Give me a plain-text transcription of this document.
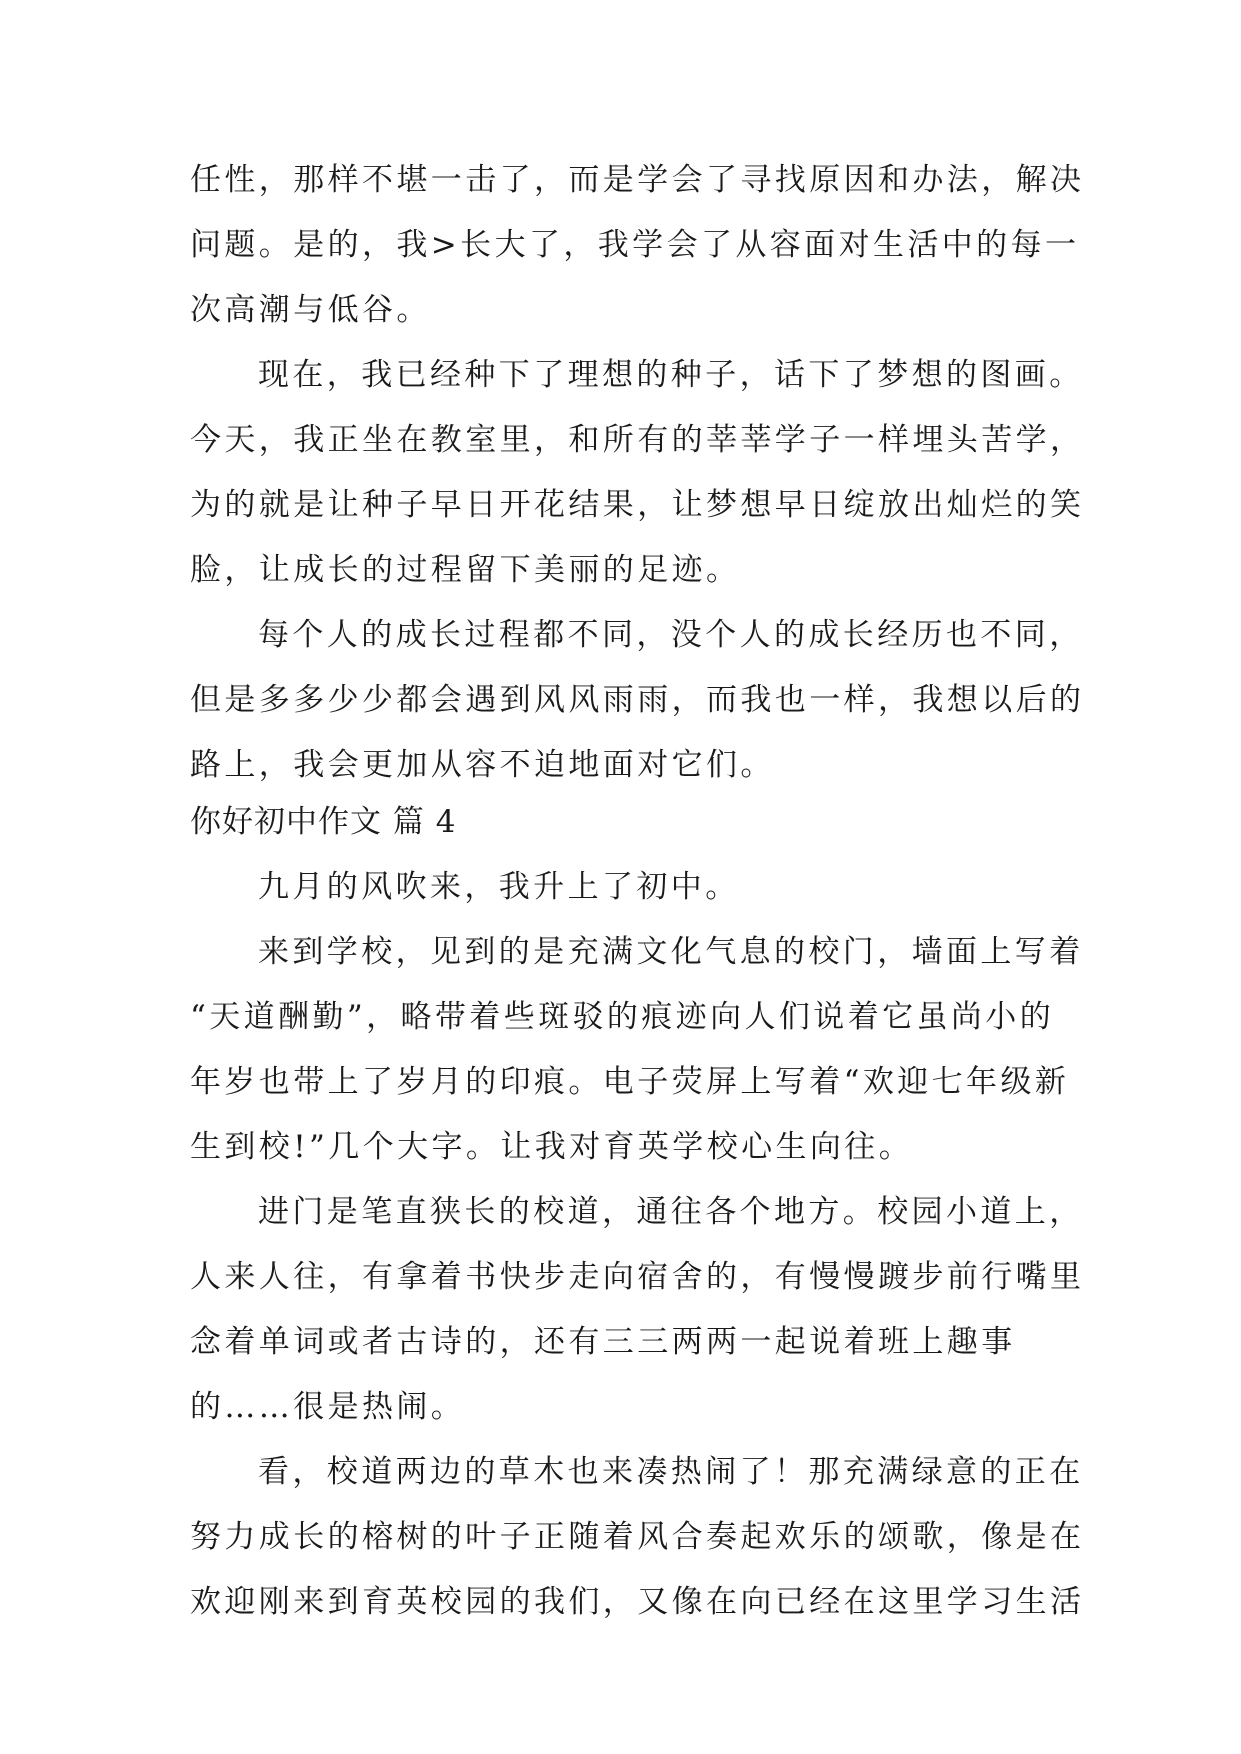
任性，那样不堪一击了，而是学会了寻找原因和办法，解决
问题。是的，我>长大了，我学会了从容面对生活中的每一
次高潮与低谷。
现在，我已经种下了理想的种子，话下了梦想的图画。
今天，我正坐在教室里，和所有的莘莘学子一样埋头苦学，
为的就是让种子早日开花结果，让梦想早日绽放出灿烂的笑
脸，让成长的过程留下美丽的足迹。
每个人的成长过程都不同，没个人的成长经历也不同，
但是多多少少都会遇到风风雨雨，而我也一样，我想以后的
路上，我会更加从容不迫地面对它们。
你好初中作文 篇 4
九月的风吹来，我升上了初中。
来到学校，见到的是充满文化气息的校门，墙面上写着
“天道酬勤”，略带着些斑驳的痕迹向人们说着它虽尚小的
年岁也带上了岁月的印痕。电子荧屏上写着“欢迎七年级新
生到校!”几个大字。让我对育英学校心生向往。
进门是笔直狭长的校道，通往各个地方。校园小道上，
人来人往，有拿着书快步走向宿舍的，有慢慢踱步前行嘴里
念着单词或者古诗的，还有三三两两一起说着班上趣事
的……很是热闹。
看，校道两边的草木也来凑热闹了！那充满绿意的正在
努力成长的榕树的叶子正随着风合奏起欢乐的颂歌，像是在
欢迎刚来到育英校园的我们，又像在向已经在这里学习生活
